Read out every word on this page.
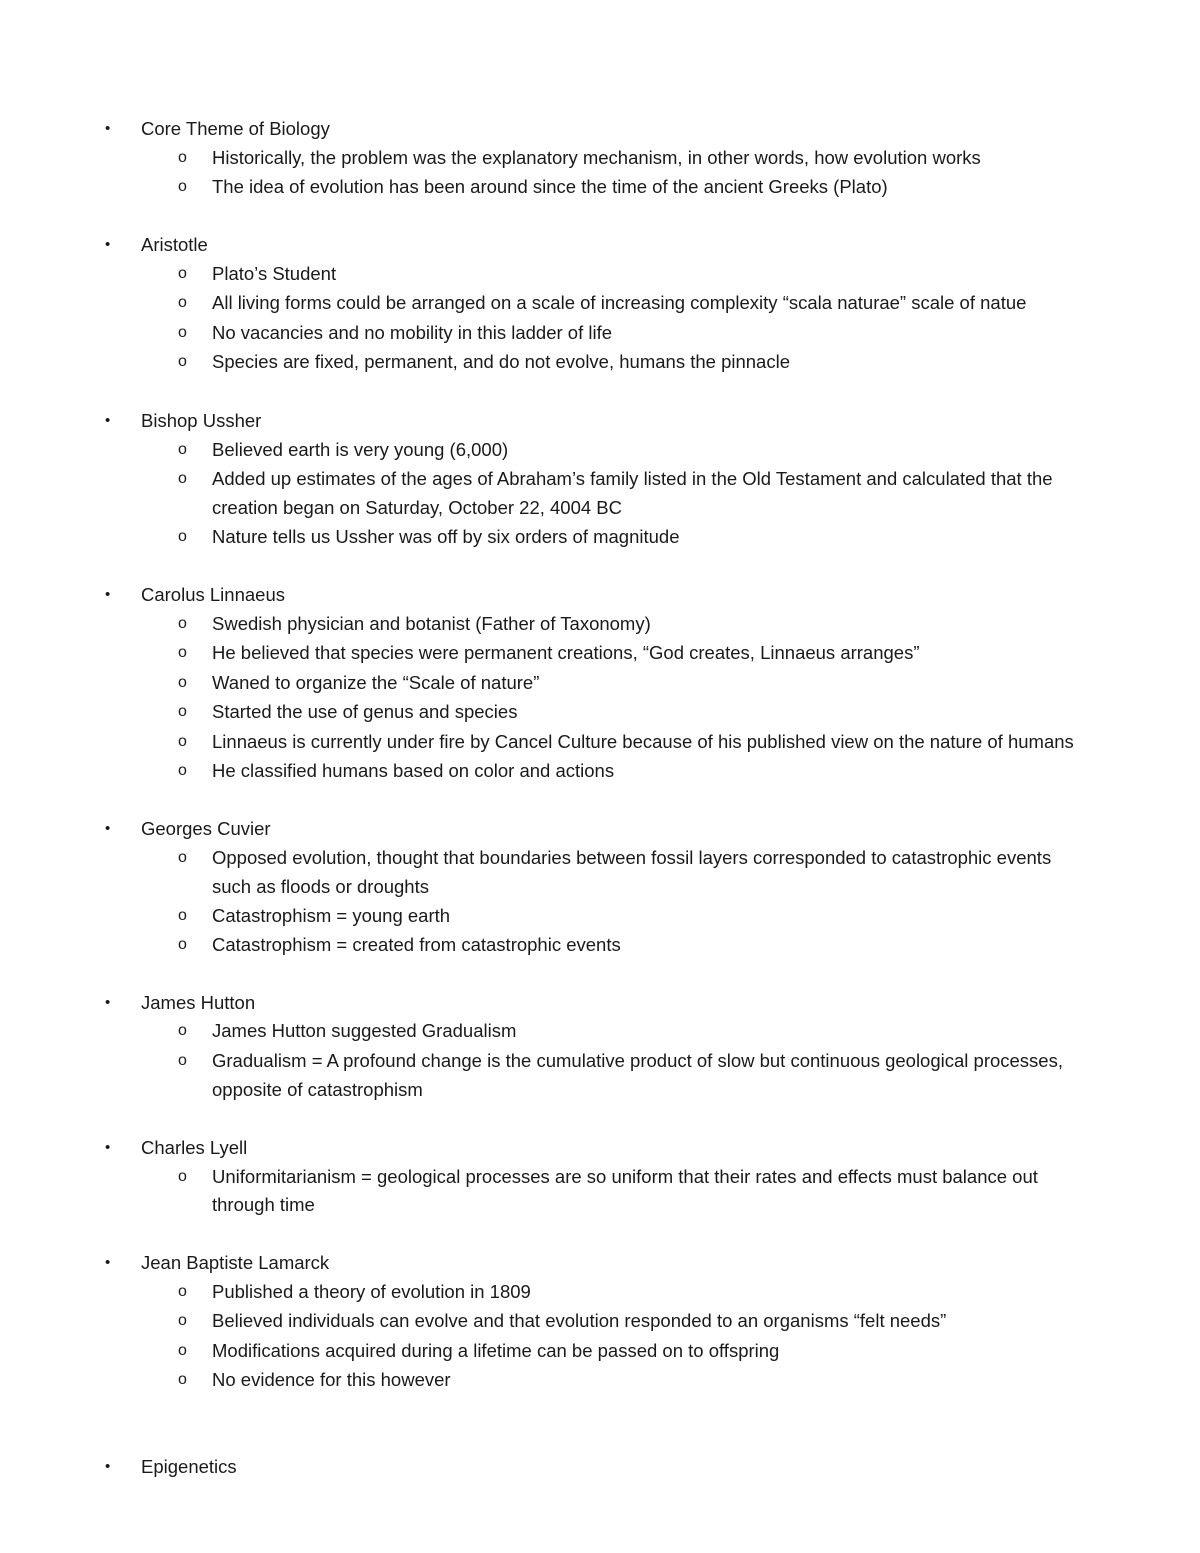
• Core Theme of Biology
o Historically, the problem was the explanatory mechanism, in other words, how evolution works
o The idea of evolution has been around since the time of the ancient Greeks (Plato)
• Aristotle
o Plato’s Student
o All living forms could be arranged on a scale of increasing complexity “scala naturae” scale of natue
o No vacancies and no mobility in this ladder of life
o Species are fixed, permanent, and do not evolve, humans the pinnacle
• Bishop Ussher
o Believed earth is very young (6,000)
o Added up estimates of the ages of Abraham’s family listed in the Old Testament and calculated that the
creation began on Saturday, October 22, 4004 BC
o Nature tells us Ussher was off by six orders of magnitude
• Carolus Linnaeus
o Swedish physician and botanist (Father of Taxonomy)
o He believed that species were permanent creations, “God creates, Linnaeus arranges”
o Waned to organize the “Scale of nature”
o Started the use of genus and species
o Linnaeus is currently under fire by Cancel Culture because of his published view on the nature of humans
o He classified humans based on color and actions
• Georges Cuvier
o Opposed evolution, thought that boundaries between fossil layers corresponded to catastrophic events
such as floods or droughts
o Catastrophism = young earth
o Catastrophism = created from catastrophic events
• James Hutton
o James Hutton suggested Gradualism
o Gradualism = A profound change is the cumulative product of slow but continuous geological processes,
opposite of catastrophism
• Charles Lyell
o Uniformitarianism = geological processes are so uniform that their rates and effects must balance out
through time
• Jean Baptiste Lamarck
o Published a theory of evolution in 1809
o Believed individuals can evolve and that evolution responded to an organisms “felt needs”
o Modifications acquired during a lifetime can be passed on to offspring
o No evidence for this however
• Epigenetics
